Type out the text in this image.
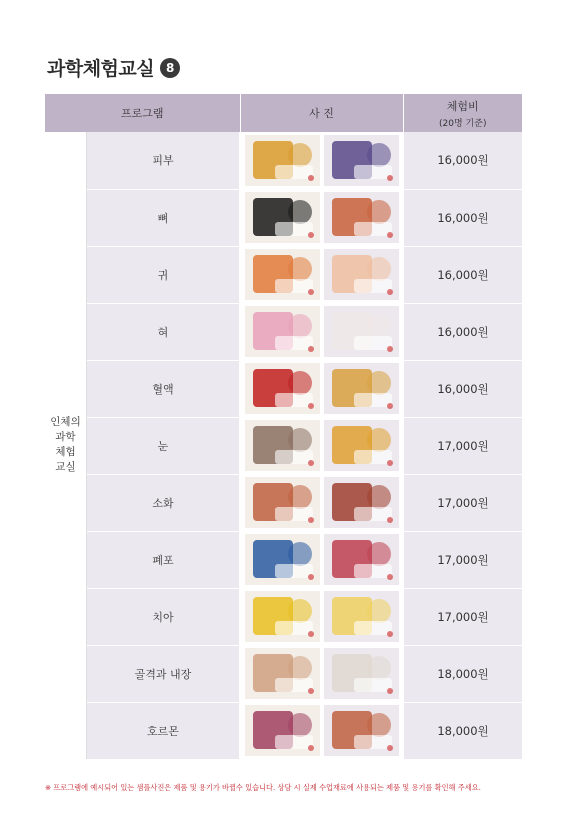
과학체험교실 8
프로그램		사 진	체험비
(20명 기준)

인체의
과학
체험
교실	피부		16,000원
	뼈		16,000원
	귀		16,000원
	혀		16,000원
	혈액		16,000원
	눈		17,000원
	소화		17,000원
	폐포		17,000원
	치아		17,000원
	골격과 내장		18,000원
	호르몬		18,000원
※ 프로그램에 예시되어 있는 샘플사진은 제품 및 용기가 바뀔수 있습니다. 상담 시 실제 수업재료에 사용되는 제품 및 용기를 확인해 주세요.
